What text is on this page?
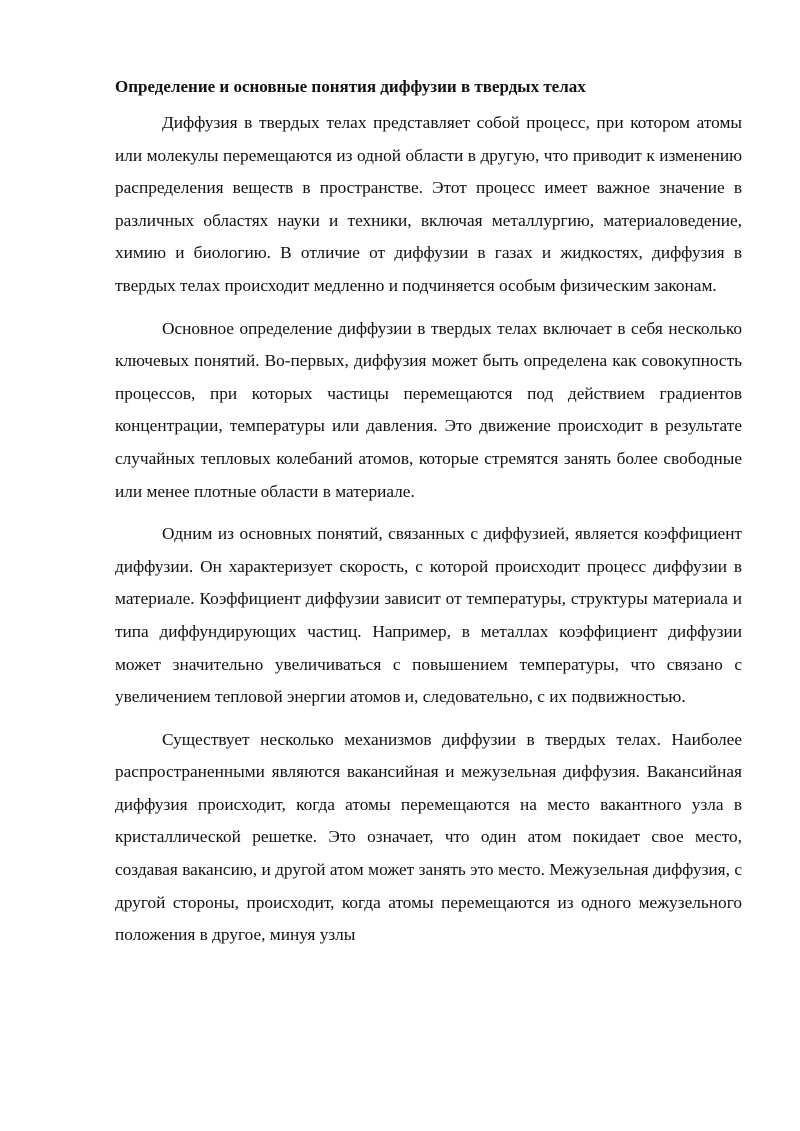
Определение и основные понятия диффузии в твердых телах

Диффузия в твердых телах представляет собой процесс, при котором атомы или молекулы перемещаются из одной области в другую, что приводит к изменению распределения веществ в пространстве. Этот процесс имеет важное значение в различных областях науки и техники, включая металлургию, материаловедение, химию и биологию. В отличие от диффузии в газах и жидкостях, диффузия в твердых телах происходит медленно и подчиняется особым физическим законам.

Основное определение диффузии в твердых телах включает в себя несколько ключевых понятий. Во-первых, диффузия может быть определена как совокупность процессов, при которых частицы перемещаются под действием градиентов концентрации, температуры или давления. Это движение происходит в результате случайных тепловых колебаний атомов, которые стремятся занять более свободные или менее плотные области в материале.

Одним из основных понятий, связанных с диффузией, является коэффициент диффузии. Он характеризует скорость, с которой происходит процесс диффузии в материале. Коэффициент диффузии зависит от температуры, структуры материала и типа диффундирующих частиц. Например, в металлах коэффициент диффузии может значительно увеличиваться с повышением температуры, что связано с увеличением тепловой энергии атомов и, следовательно, с их подвижностью.

Существует несколько механизмов диффузии в твердых телах. Наиболее распространенными являются вакансийная и межузельная диффузия. Вакансийная диффузия происходит, когда атомы перемещаются на место вакантного узла в кристаллической решетке. Это означает, что один атом покидает свое место, создавая вакансию, и другой атом может занять это место. Межузельная диффузия, с другой стороны, происходит, когда атомы перемещаются из одного межузельного положения в другое, минуя узлы
